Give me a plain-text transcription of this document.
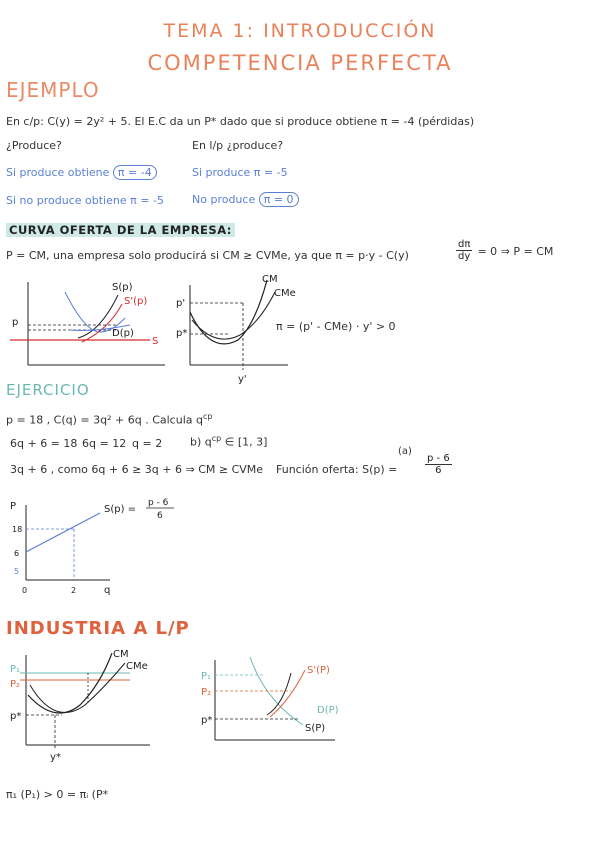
TEMA 1: INTRODUCCIÓN
COMPETENCIA PERFECTA
EJEMPLO
En c/p: C(y) = 2y² + 5. El E.C da un P* dado que si produce obtiene π = -4 (pérdidas)
¿Produce?	En l/p ¿produce?
Si produce obtiene π = -4	Si produce π = -5
Si no produce obtiene π = -5	No produce π = 0
CURVA OFERTA DE LA EMPRESA:
P = CM, una empresa solo producirá si CM ≥ CVMe, ya que π = p·y - C(y)	$\frac{d\pi}{dy} = 0$ ⇒ P = CM
S(p)
S'(p)
D(p)
S
p
CM
CMe
p'
p*
y'
π = (p' - CMe) · y' > 0
EJERCICIO
p = 18 , C(q) = 3q² + 6q . Calcula $q^{cp}$
6q + 6 = 18 6q = 12 q = 2	b) $q^{cp}$ ∈ [1, 3]
3q + 6 , como 6q + 6 ≥ 3q + 6 ⇒ CM ≥ CVMe Función oferta: S(p) =
(a)
$\frac{p - 6}{6}$
P
q
18
6
5
0	2
S(p) =
p - 6
6
INDUSTRIA A L/P
CM
CMe
P₁
P₂
p*
y*
P₁
P₂
p*
S'(P)
D(P)
S(P)
π₁ (P₁) > 0 = πᵢ (P*
